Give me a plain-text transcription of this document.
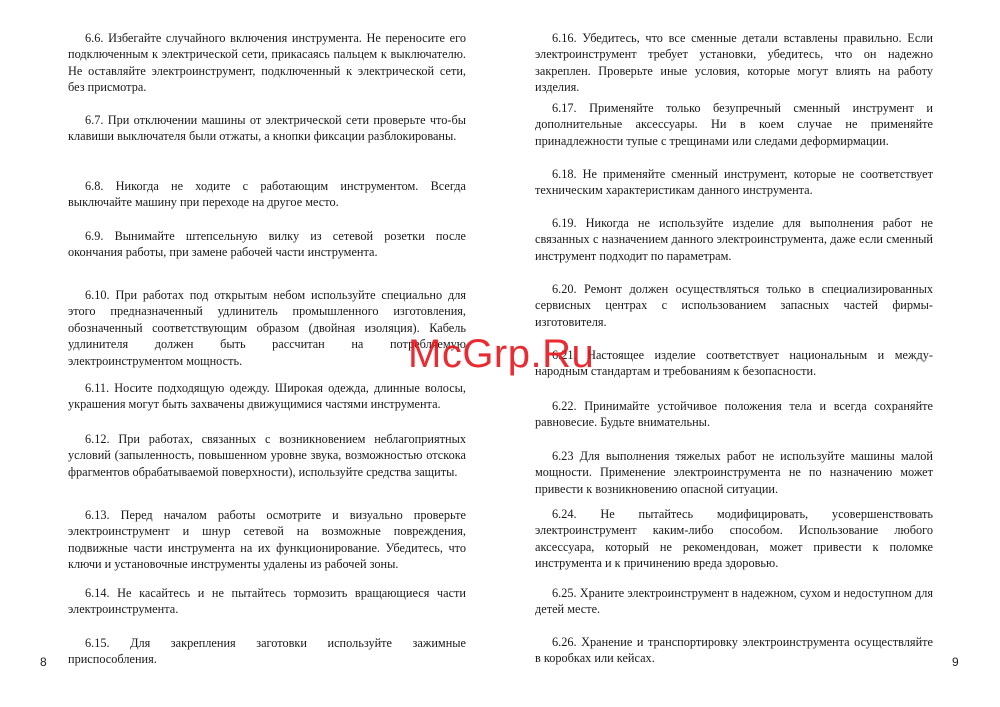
6.6. Избегайте случайного включения инструмента. Не переносите его подключенным к электрической сети, прикасаясь пальцем к выключателю. Не оставляйте электроинструмент, подключенный к электрической сети, без присмотра.

6.7. При отключении машины от электрической сети проверьте что-бы клавиши выключателя были отжаты, а кнопки фиксации разблокированы.

6.8. Никогда не ходите с работающим инструментом. Всегда выключайте машину при переходе на другое место.

6.9. Вынимайте штепсельную вилку из сетевой розетки после окончания работы, при замене рабочей части инструмента.

6.10. При работах под открытым небом используйте специально для этого предназначенный удлинитель промышленного изготовления, обозначенный соответствующим образом (двойная изоляция). Кабель удлинителя должен быть рассчитан на потребляемую электроинструментом мощность.

6.11. Носите подходящую одежду. Широкая одежда, длинные волосы, украшения могут быть захвачены движущимися частями инструмента.

6.12. При работах, связанных с возникновением неблагоприятных условий (запыленность, повышенном уровне звука, возможностью отскока фрагментов обрабатываемой поверхности), используйте средства защиты.

6.13. Перед началом работы осмотрите и визуально проверьте электроинструмент и шнур сетевой на возможные повреждения, подвижные части инструмента на их функционирование. Убедитесь, что ключи и установочные инструменты удалены из рабочей зоны.

6.14. Не касайтесь и не пытайтесь тормозить вращающиеся части электроинструмента.

6.15. Для закрепления заготовки используйте зажимные приспособления.

6.16. Убедитесь, что все сменные детали вставлены правильно. Если электроинструмент требует установки, убедитесь, что он надежно закреплен. Проверьте иные условия, которые могут влиять на работу изделия.

6.17. Применяйте только безупречный сменный инструмент и дополнительные аксессуары. Ни в коем случае не применяйте принадлежности тупые с трещинами или следами деформирмации.

6.18. Не применяйте сменный инструмент, которые не соответствует техническим характеристикам данного инструмента.

6.19. Никогда не используйте изделие для выполнения работ не связанных с назначением данного электроинструмента, даже если сменный инструмент подходит по параметрам.

6.20. Ремонт должен осуществляться только в специализированных сервисных центрах с использованием запасных частей фирмы-изготовителя.

6.21. Настоящее изделие соответствует национальным и между-народным стандартам и требованиям к безопасности.

6.22. Принимайте устойчивое положения тела и всегда сохраняйте равновесие. Будьте внимательны.

6.23 Для выполнения тяжелых работ не используйте машины малой мощности. Применение электроинструмента не по назначению может привести к возникновению опасной ситуации.

6.24. Не пытайтесь модифицировать, усовершенствовать электроинструмент каким-либо способом. Использование любого аксессуара, который не рекомендован, может привести к поломке инструмента и к причинению вреда здоровью.

6.25. Храните электроинструмент в надежном, сухом и недоступном для детей месте.

6.26. Хранение и транспортировку электроинструмента осуществляйте в коробках или кейсах.

8	9
McGrp.Ru
